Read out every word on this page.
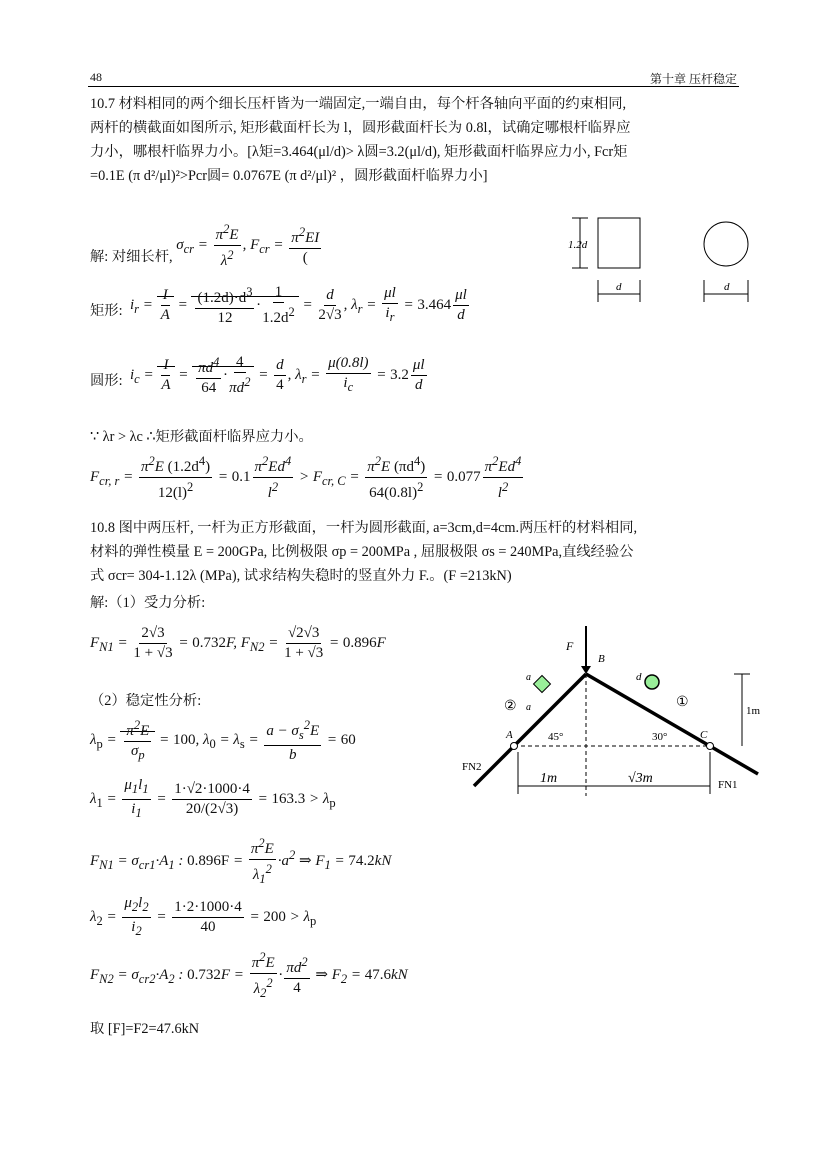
48	第十章 压杆稳定
10.7 材料相同的两个细长压杆皆为一端固定,一端自由，每个杆各轴向平面的约束相同,
两杆的横截面如图所示, 矩形截面杆长为 l，圆形截面杆长为 0.8l，试确定哪根杆临界应
力小，哪根杆临界力小。[λ矩=3.464(μl/d)> λ圆=3.2(μl/d), 矩形截面杆临界应力小, Fcr矩
=0.1E (π d²/μl)²>Pcr圆= 0.0767E (π d²/μl)² ，圆形截面杆临界力小]
解: 对细长杆, $\sigma_{cr} = \frac{\pi^2E}{\lambda^2}$ , $F_{cr} = \frac{\pi^2EI}{(}$
矩形: $i_r = \frac{I}{A} = \frac{(1.2d)\cdot d^3}{12} \cdot \frac{1}{1.2d^2} = \frac{d}{2√3}$ , $\lambda_r = \frac{\mu l}{i_r} = 3.464 \frac{\mu l}{d}$
圆形: $i_c = \frac{I}{A} = \frac{\pi d^4}{64} \cdot \frac{4}{\pi d^2} = \frac{d}{4}$ , $\lambda_r = \frac{\mu(0.8l)}{i_c} = 3.2 \frac{\mu l}{d}$
∵ λr > λc ∴矩形截面杆临界应力小。
$F_{cr, r} = \frac{\pi^2E (1.2d^4)}{12(l)^2} = 0.1 \frac{\pi^2Ed^4}{l^2} > F_{cr, C} = \frac{\pi^2E (\pi d^4)}{64(0.8l)^2} = 0.077 \frac{\pi^2Ed^4}{l^2}$
1.2d
d	d
10.8 图中两压杆, 一杆为正方形截面，一杆为圆形截面, a=3cm,d=4cm.两压杆的材料相同,
材料的弹性模量 E = 200GPa, 比例极限 σp = 200MPa , 屈服极限 σs = 240MPa,直线经验公
式 σcr= 304-1.12λ (MPa), 试求结构失稳时的竖直外力 F.。(F =213kN)
解:（1）受力分析:
$F_{N1} = \frac{2√3}{1 + √3} = 0.732F$, $F_{N2} = \frac{√2√3}{1 + √3} = 0.896F$
（2）稳定性分析:
$\lambda_p = \frac{\pi^2E}{\sigma_p} = 100$, $\lambda_0 = \lambda_s = \frac{a - \sigma_s^2E}{b} = 60$
$\lambda_1 = \frac{\mu_1l_1}{i_1} = \frac{1\cdot√2\cdot 1000\cdot 4}{20/(2√3)} = 163.3 > \lambda_p$
$F_{N1} = \sigma_{cr1}\cdot A_1$ : $0.896F = \frac{\pi^2E}{\lambda_1^2} \cdot a^2$ ⇒ $F_1 = 74.2kN$
$\lambda_2 = \frac{\mu_2l_2}{i_2} = \frac{1\cdot 2\cdot 1000\cdot 4}{40} = 200 > \lambda_p$
$F_{N2} = \sigma_{cr2}\cdot A_2$ : $0.732F = \frac{\pi^2E}{\lambda_2^2} \cdot \frac{\pi d^2}{4}$ ⇒ $F_2 = 47.6kN$
取 [F]=F2=47.6kN
F
B
A	C
45°	30°
a
a
d
②	①
1m
1m	√3m
FN2
FN1
